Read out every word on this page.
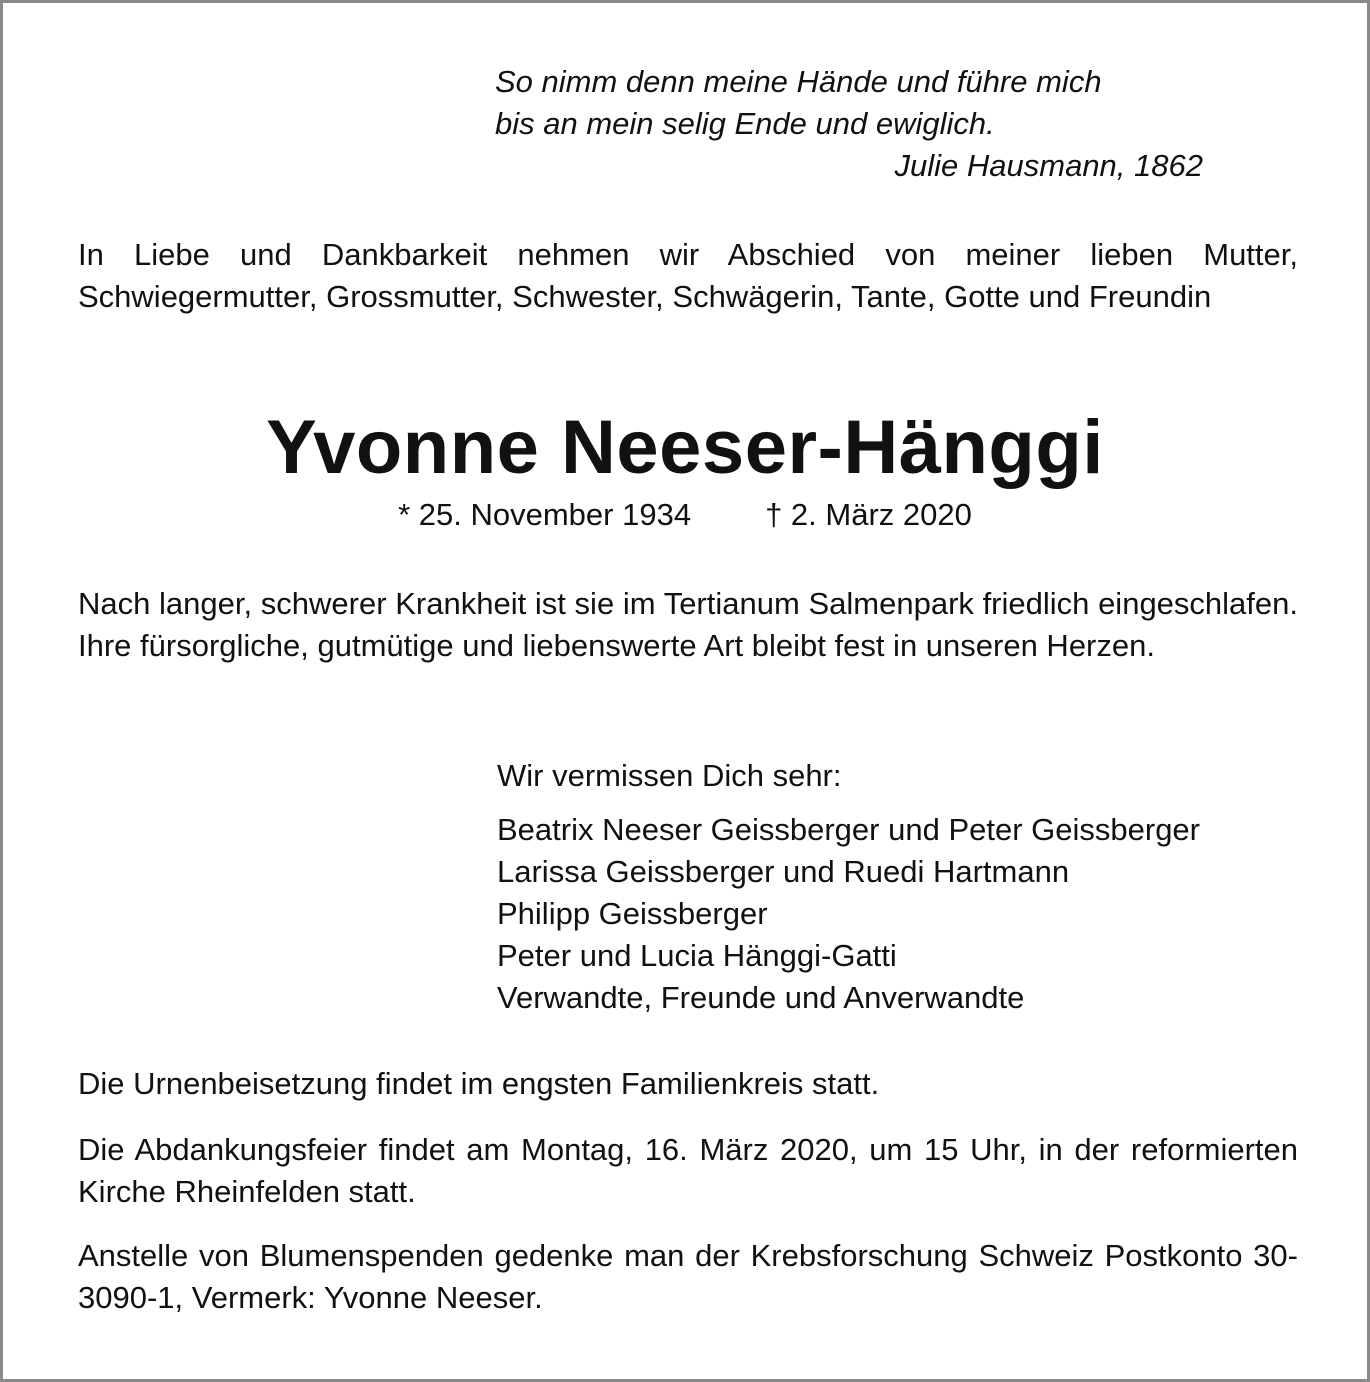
So nimm denn meine Hände und führe mich
bis an mein selig Ende und ewiglich.
Julie Hausmann, 1862

In Liebe und Dankbarkeit nehmen wir Abschied von meiner lieben Mutter, Schwiegermutter, Grossmutter, Schwester, Schwägerin, Tante, Gotte und Freundin

Yvonne Neeser-Hänggi
* 25. November 1934 † 2. März 2020

Nach langer, schwerer Krankheit ist sie im Tertianum Salmenpark friedlich eingeschlafen. Ihre fürsorgliche, gutmütige und liebenswerte Art bleibt fest in unseren Herzen.

Wir vermissen Dich sehr:
Beatrix Neeser Geissberger und Peter Geissberger
Larissa Geissberger und Ruedi Hartmann
Philipp Geissberger
Peter und Lucia Hänggi-Gatti
Verwandte, Freunde und Anverwandte

Die Urnenbeisetzung findet im engsten Familienkreis statt.

Die Abdankungsfeier findet am Montag, 16. März 2020, um 15 Uhr, in der reformierten Kirche Rheinfelden statt.

Anstelle von Blumenspenden gedenke man der Krebsforschung Schweiz Postkonto 30-3090-1, Vermerk: Yvonne Neeser.
